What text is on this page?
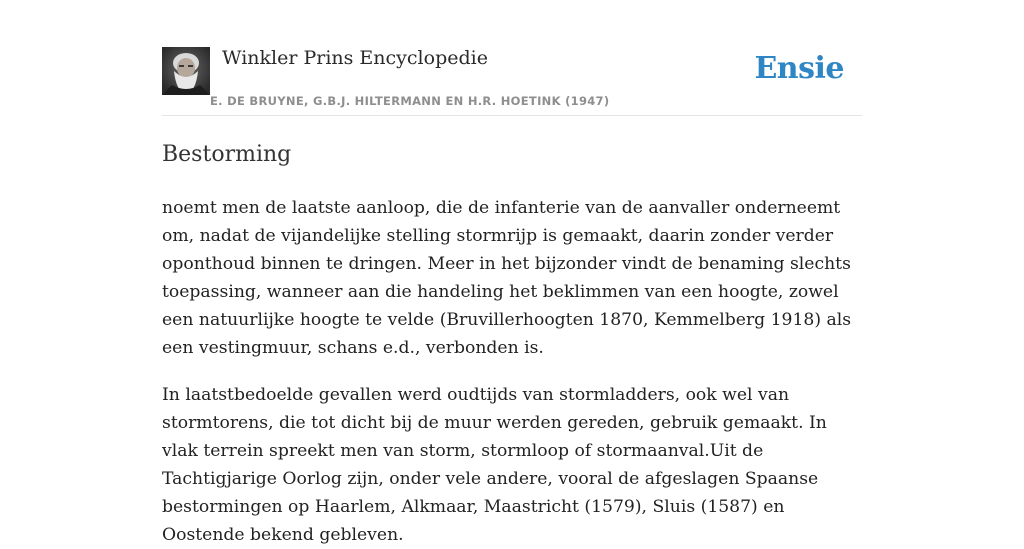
Winkler Prins Encyclopedie
E. DE BRUYNE, G.B.J. HILTERMANN EN H.R. HOETINK (1947)
Ensie
Bestorming

noemt men de laatste aanloop, die de infanterie van de aanvaller onderneemt om, nadat de vijandelijke stelling stormrijp is gemaakt, daarin zonder verder oponthoud binnen te dringen. Meer in het bijzonder vindt de benaming slechts toepassing, wanneer aan die handeling het beklimmen van een hoogte, zowel een natuurlijke hoogte te velde (Bruvillerhoogten 1870, Kemmelberg 1918) als een vestingmuur, schans e.d., verbonden is.

In laatstbedoelde gevallen werd oudtijds van stormladders, ook wel van stormtorens, die tot dicht bij de muur werden gereden, gebruik gemaakt. In vlak terrein spreekt men van storm, stormloop of stormaanval.Uit de Tachtigjarige Oorlog zijn, onder vele andere, vooral de afgeslagen Spaanse bestormingen op Haarlem, Alkmaar, Maastricht (1579), Sluis (1587) en Oostende bekend gebleven.
